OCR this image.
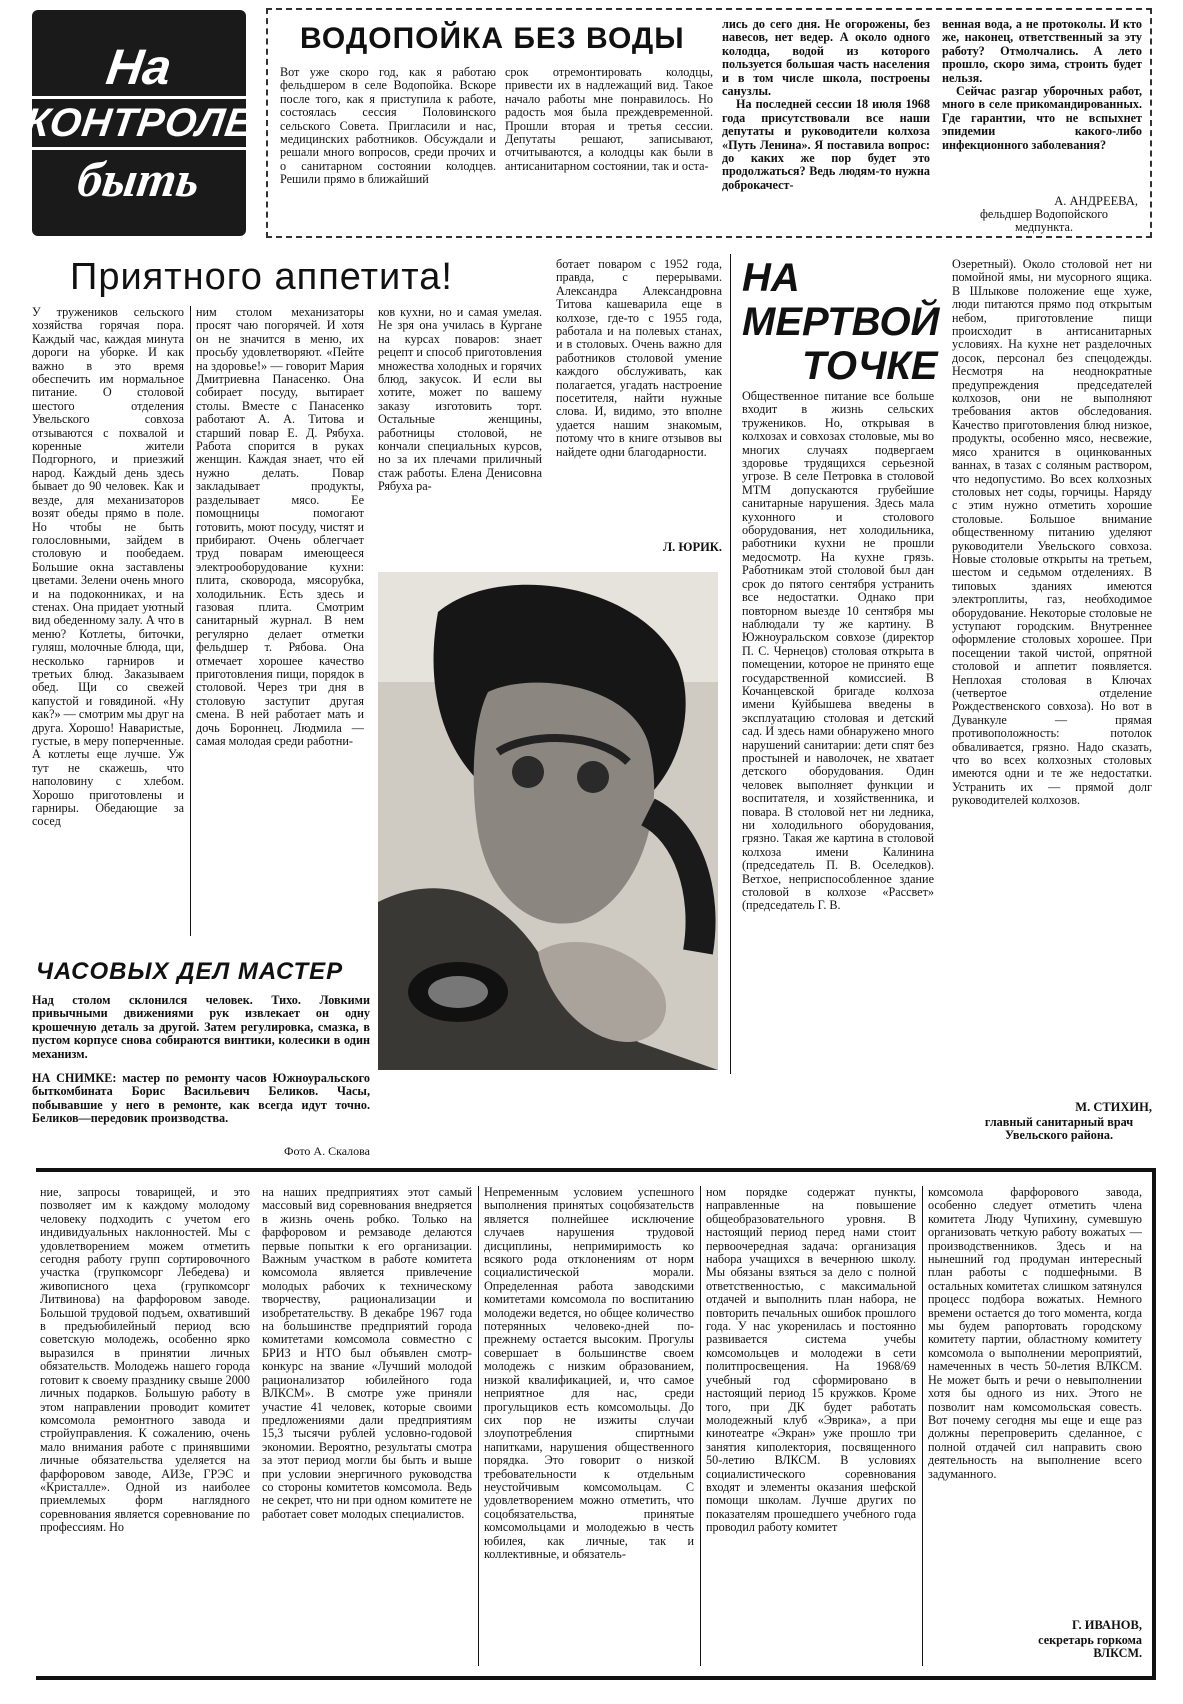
На
КОНТРОЛЕ
быть
ВОДОПОЙКА БЕЗ ВОДЫ
Вот уже скоро год, как я работаю фельдшером в селе Водопойка. Вскоре после того, как я приступила к работе, состоялась сессия Половинского сельского Совета. Пригласили и нас, медицинских работников. Обсуждали и решали много вопросов, среди прочих и о санитарном состоянии колодцев. Решили прямо в ближайший
срок отремонтировать колодцы, привести их в надлежащий вид. Такое начало работы мне понравилось. Но радость моя была преждевременной. Прошли вторая и третья сессии. Депутаты решают, записывают, отчитываются, а колодцы как были в антисанитарном состоянии, так и оста-

лись до сего дня. Не огорожены, без навесов, нет ведер. А около одного колодца, водой из которого пользуется большая часть населения и в том числе школа, построены санузлы.

На последней сессии 18 июля 1968 года присутствовали все наши депутаты и руководители колхоза «Путь Ленина». Я поставила вопрос: до каких же пор будет это продолжаться? Ведь людям-то нужна доброкачест-

венная вода, а не протоколы. И кто же, наконец, ответственный за эту работу? Отмолчались. А лето прошло, скоро зима, строить будет нельзя.

Сейчас разгар уборочных работ, много в селе прикомандированных. Где гарантии, что не вспыхнет эпидемии какого-либо инфекционного заболевания?

А. АНДРЕЕВА,
фельдшер Водопойского медпункта.
Приятного аппетита!
У тружеников сельского хозяйства горячая пора. Каждый час, каждая минута дороги на уборке. И как важно в это время обеспечить им нормальное питание. О столовой шестого отделения Увельского совхоза отзываются с похвалой и коренные жители Подгорного, и приезжий народ. Каждый день здесь бывает до 90 человек. Как и везде, для механизаторов возят обеды прямо в поле. Но чтобы не быть голословными, зайдем в столовую и пообедаем. Большие окна заставлены цветами. Зелени очень много и на подоконниках, и на стенах. Она придает уютный вид обеденному залу. А что в меню? Котлеты, биточки, гуляш, молочные блюда, щи, несколько гарниров и третьих блюд. Заказываем обед. Щи со свежей капустой и говядиной. «Ну как?» — смотрим мы друг на друга. Хорошо! Наваристые, густые, в меру поперченные. А котлеты еще лучше. Уж тут не скажешь, что наполовину с хлебом. Хорошо приготовлены и гарниры. Обедающие за сосед
ним столом механизаторы просят чаю погорячей. И хотя он не значится в меню, их просьбу удовлетворяют. «Пейте на здоровье!» — говорит Мария Дмитриевна Панасенко. Она собирает посуду, вытирает столы. Вместе с Панасенко работают А. А. Титова и старший повар Е. Д. Рябуха. Работа спорится в руках женщин. Каждая знает, что ей нужно делать. Повар закладывает продукты, разделывает мясо. Ее помощницы помогают готовить, моют посуду, чистят и прибирают. Очень облегчает труд поварам имеющееся электрооборудование кухни: плита, сковорода, мясорубка, холодильник. Есть здесь и газовая плита. Смотрим санитарный журнал. В нем регулярно делает отметки фельдшер т. Рябова. Она отмечает хорошее качество приготовления пищи, порядок в столовой. Через три дня в столовую заступит другая смена. В ней работает мать и дочь Бороннец. Людмила — самая молодая среди работни-
ков кухни, но и самая умелая. Не зря она училась в Кургане на курсах поваров: знает рецепт и способ приготовления множества холодных и горячих блюд, закусок. И если вы хотите, может по вашему заказу изготовить торт. Остальные женщины, работницы столовой, не кончали специальных курсов, но за их плечами приличный стаж работы. Елена Денисовна Рябуха ра-
ботает поваром с 1952 года, правда, с перерывами. Александра Александровна Титова кашеварила еще в колхозе, где-то с 1955 года, работала и на полевых станах, и в столовых. Очень важно для работников столовой умение каждого обслуживать, как полагается, угадать настроение посетителя, найти нужные слова. И, видимо, это вполне удается нашим знакомым, потому что в книге отзывов вы найдете одни благодарности.
Л. ЮРИК.
ЧАСОВЫХ ДЕЛ МАСТЕР
Над столом склонился человек. Тихо. Ловкими привычными движениями рук извлекает он одну крошечную деталь за другой. Затем регулировка, смазка, в пустом корпусе снова собираются винтики, колесики в один механизм.
НА СНИМКЕ: мастер по ремонту часов Южноуральского быткомбината Борис Васильевич Беликов. Часы, побывавшие у него в ремонте, как всегда идут точно. Беликов—передовик производства.
Фото А. Скалова
НА
МЕРТВОЙ
ТОЧКЕ
Общественное питание все больше входит в жизнь сельских тружеников. Но, открывая в колхозах и совхозах столовые, мы во многих случаях подвергаем здоровье трудящихся серьезной угрозе. В селе Петровка в столовой МТМ допускаются грубейшие санитарные нарушения. Здесь мала кухонного и столового оборудования, нет холодильника, работники кухни не прошли медосмотр. На кухне грязь. Работникам этой столовой был дан срок до пятого сентября устранить все недостатки. Однако при повторном выезде 10 сентября мы наблюдали ту же картину. В Южноуральском совхозе (директор П. С. Чернецов) столовая открыта в помещении, которое не принято еще государственной комиссией. В Кочанцевской бригаде колхоза имени Куйбышева введены в эксплуатацию столовая и детский сад. И здесь нами обнаружено много нарушений санитарии: дети спят без простыней и наволочек, не хватает детского оборудования. Один человек выполняет функции и воспитателя, и хозяйственника, и повара. В столовой нет ни ледника, ни холодильного оборудования, грязно. Такая же картина в столовой колхоза имени Калинина (председатель П. В. Оселедков). Ветхое, неприспособленное здание столовой в колхозе «Рассвет» (председатель Г. В.
Озеретный). Около столовой нет ни помойной ямы, ни мусорного ящика. В Шлыкове положение еще хуже, люди питаются прямо под открытым небом, приготовление пищи происходит в антисанитарных условиях. На кухне нет разделочных досок, персонал без спецодежды. Несмотря на неоднократные предупреждения председателей колхозов, они не выполняют требования актов обследования. Качество приготовления блюд низкое, продукты, особенно мясо, несвежие, мясо хранится в оцинкованных ваннах, в тазах с соляным раствором, что недопустимо. Во всех колхозных столовых нет соды, горчицы. Наряду с этим нужно отметить хорошие столовые. Большое внимание общественному питанию уделяют руководители Увельского совхоза. Новые столовые открыты на третьем, шестом и седьмом отделениях. В типовых зданиях имеются электроплиты, газ, необходимое оборудование. Некоторые столовые не уступают городским. Внутреннее оформление столовых хорошее. При посещении такой чистой, опрятной столовой и аппетит появляется. Неплохая столовая в Ключах (четвертое отделение Рождественского совхоза). Но вот в Дуванкуле — прямая противоположность: потолок обваливается, грязно. Надо сказать, что во всех колхозных столовых имеются одни и те же недостатки. Устранить их — прямой долг руководителей колхозов.
М. СТИХИН,
главный санитарный врач Увельского района.
ние, запросы товарищей, и это позволяет им к каждому молодому человеку подходить с учетом его индивидуальных наклонностей. Мы с удовлетворением можем отметить сегодня работу групп сортировочного участка (групкомсорг Лебедева) и живописного цеха (групкомсорг Литвинова) на фарфоровом заводе. Большой трудовой подъем, охвативший в предъюбилейный период всю советскую молодежь, особенно ярко выразился в принятии личных обязательств. Молодежь нашего города готовит к своему празднику свыше 2000 личных подарков. Большую работу в этом направлении проводит комитет комсомола ремонтного завода и стройуправления. К сожалению, очень мало внимания работе с принявшими личные обязательства уделяется на фарфоровом заводе, АИЗе, ГРЭС и «Кристалле». Одной из наиболее приемлемых форм наглядного соревнования является соревнование по профессиям. Но
на наших предприятиях этот самый массовый вид соревнования внедряется в жизнь очень робко. Только на фарфоровом и ремзаводе делаются первые попытки к его организации. Важным участком в работе комитета комсомола является привлечение молодых рабочих к техническому творчеству, рационализации и изобретательству. В декабре 1967 года на большинстве предприятий города комитетами комсомола совместно с БРИЗ и НТО был объявлен смотр-конкурс на звание «Лучший молодой рационализатор юбилейного года ВЛКСМ». В смотре уже приняли участие 41 человек, которые своими предложениями дали предприятиям 15,3 тысячи рублей условно-годовой экономии. Вероятно, результаты смотра за этот период могли бы быть и выше при условии энергичного руководства со стороны комитетов комсомола. Ведь не секрет, что ни при одном комитете не работает совет молодых специалистов.
Непременным условием успешного выполнения принятых соцобязательств является полнейшее исключение случаев нарушения трудовой дисциплины, непримиримость ко всякого рода отклонениям от норм социалистической морали. Определенная работа заводскими комитетами комсомола по воспитанию молодежи ведется, но общее количество потерянных человеко-дней по-прежнему остается высоким. Прогулы совершает в большинстве своем молодежь с низким образованием, низкой квалификацией, и, что самое неприятное для нас, среди прогульщиков есть комсомольцы. До сих пор не изжиты случаи злоупотребления спиртными напитками, нарушения общественного порядка. Это говорит о низкой требовательности к отдельным неустойчивым комсомольцам. С удовлетворением можно отметить, что соцобязательства, принятые комсомольцами и молодежью в честь юбилея, как личные, так и коллективные, и обязатель-
ном порядке содержат пункты, направленные на повышение общеобразовательного уровня. В настоящий период перед нами стоит первоочередная задача: организация набора учащихся в вечернюю школу. Мы обязаны взяться за дело с полной ответственностью, с максимальной отдачей и выполнить план набора, не повторить печальных ошибок прошлого года. У нас укоренилась и постоянно развивается система учебы комсомольцев и молодежи в сети политпросвещения. На 1968/69 учебный год сформировано в настоящий период 15 кружков. Кроме того, при ДК будет работать молодежный клуб «Эврика», а при кинотеатре «Экран» уже прошло три занятия киполектория, посвященного 50-летию ВЛКСМ. В условиях социалистического соревнования входят и элементы оказания шефской помощи школам. Лучше других по показателям прошедшего учебного года проводил работу комитет
комсомола фарфорового завода, особенно следует отметить члена комитета Люду Чупихину, сумевшую организовать четкую работу вожатых — производственников. Здесь и на нынешний год продуман интересный план работы с подшефными. В остальных комитетах слишком затянулся процесс подбора вожатых. Немного времени остается до того момента, когда мы будем рапортовать городскому комитету партии, областному комитету комсомола о выполнении мероприятий, намеченных в честь 50-летия ВЛКСМ. Не может быть и речи о невыполнении хотя бы одного из них. Этого не позволит нам комсомольская совесть. Вот почему сегодня мы еще и еще раз должны перепроверить сделанное, с полной отдачей сил направить свою деятельность на выполнение всего задуманного.
Г. ИВАНОВ,
секретарь горкома ВЛКСМ.
